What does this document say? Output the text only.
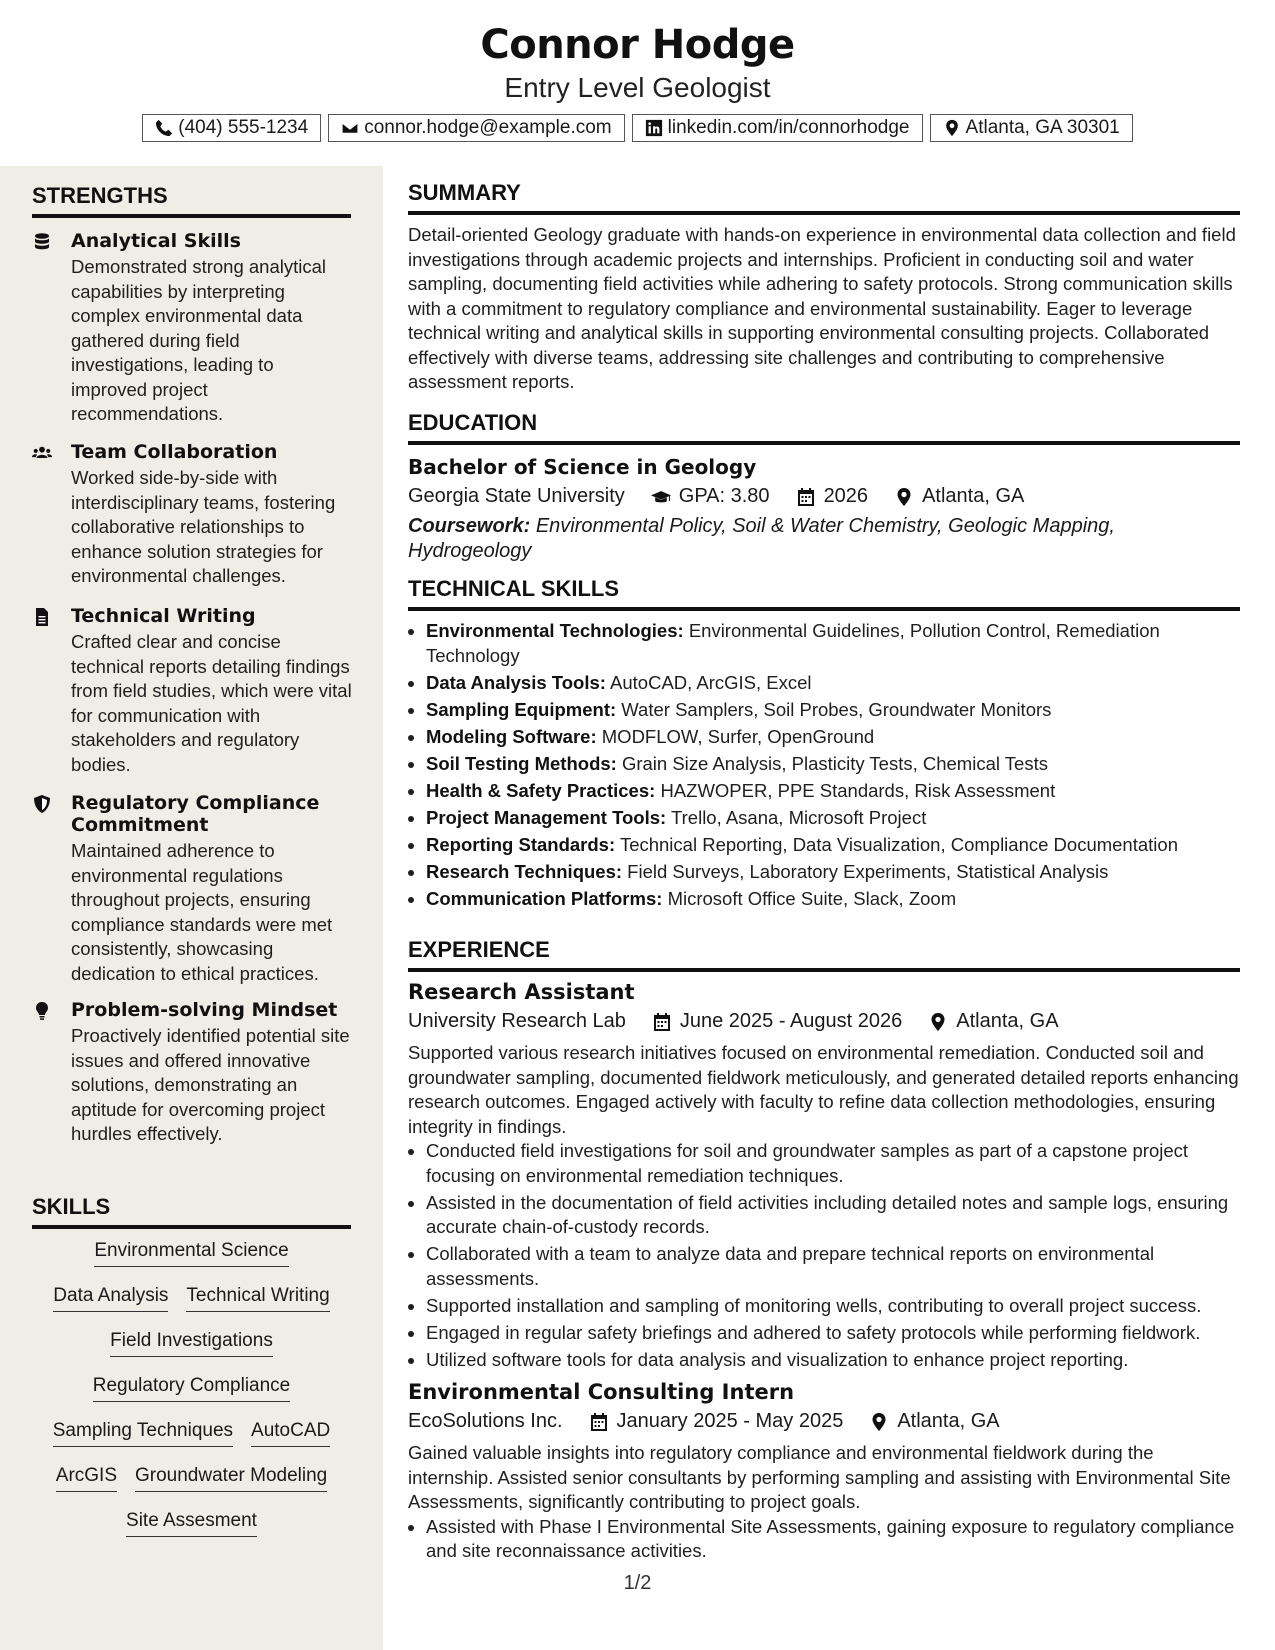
Connor Hodge
Entry Level Geologist
(404) 555-1234	connor.hodge@example.com	linkedin.com/in/connorhodge	Atlanta, GA 30301
STRENGTHS
Analytical Skills
Demonstrated strong analytical capabilities by interpreting complex environmental data gathered during field investigations, leading to improved project recommendations.
Team Collaboration
Worked side-by-side with interdisciplinary teams, fostering collaborative relationships to enhance solution strategies for environmental challenges.
Technical Writing
Crafted clear and concise technical reports detailing findings from field studies, which were vital for communication with stakeholders and regulatory bodies.
Regulatory Compliance Commitment
Maintained adherence to environmental regulations throughout projects, ensuring compliance standards were met consistently, showcasing dedication to ethical practices.
Problem-solving Mindset
Proactively identified potential site issues and offered innovative solutions, demonstrating an aptitude for overcoming project hurdles effectively.
SKILLS
Environmental Science
Data Analysis Technical Writing
Field Investigations
Regulatory Compliance
Sampling Techniques AutoCAD
ArcGIS Groundwater Modeling
Site Assesment
SUMMARY
Detail-oriented Geology graduate with hands-on experience in environmental data collection and field investigations through academic projects and internships. Proficient in conducting soil and water sampling, documenting field activities while adhering to safety protocols. Strong communication skills with a commitment to regulatory compliance and environmental sustainability. Eager to leverage technical writing and analytical skills in supporting environmental consulting projects. Collaborated effectively with diverse teams, addressing site challenges and contributing to comprehensive assessment reports.
EDUCATION
Bachelor of Science in Geology
Georgia State University	GPA: 3.80	2026	Atlanta, GA
Coursework: Environmental Policy, Soil & Water Chemistry, Geologic Mapping, Hydrogeology
TECHNICAL SKILLS
• Environmental Technologies: Environmental Guidelines, Pollution Control, Remediation Technology
• Data Analysis Tools: AutoCAD, ArcGIS, Excel
• Sampling Equipment: Water Samplers, Soil Probes, Groundwater Monitors
• Modeling Software: MODFLOW, Surfer, OpenGround
• Soil Testing Methods: Grain Size Analysis, Plasticity Tests, Chemical Tests
• Health & Safety Practices: HAZWOPER, PPE Standards, Risk Assessment
• Project Management Tools: Trello, Asana, Microsoft Project
• Reporting Standards: Technical Reporting, Data Visualization, Compliance Documentation
• Research Techniques: Field Surveys, Laboratory Experiments, Statistical Analysis
• Communication Platforms: Microsoft Office Suite, Slack, Zoom
EXPERIENCE
Research Assistant
University Research Lab	June 2025 - August 2026	Atlanta, GA
Supported various research initiatives focused on environmental remediation. Conducted soil and groundwater sampling, documented fieldwork meticulously, and generated detailed reports enhancing research outcomes. Engaged actively with faculty to refine data collection methodologies, ensuring integrity in findings.
• Conducted field investigations for soil and groundwater samples as part of a capstone project focusing on environmental remediation techniques.
• Assisted in the documentation of field activities including detailed notes and sample logs, ensuring accurate chain-of-custody records.
• Collaborated with a team to analyze data and prepare technical reports on environmental assessments.
• Supported installation and sampling of monitoring wells, contributing to overall project success.
• Engaged in regular safety briefings and adhered to safety protocols while performing fieldwork.
• Utilized software tools for data analysis and visualization to enhance project reporting.
Environmental Consulting Intern
EcoSolutions Inc.	January 2025 - May 2025	Atlanta, GA
Gained valuable insights into regulatory compliance and environmental fieldwork during the internship. Assisted senior consultants by performing sampling and assisting with Environmental Site Assessments, significantly contributing to project goals.
• Assisted with Phase I Environmental Site Assessments, gaining exposure to regulatory compliance and site reconnaissance activities.
1/2
